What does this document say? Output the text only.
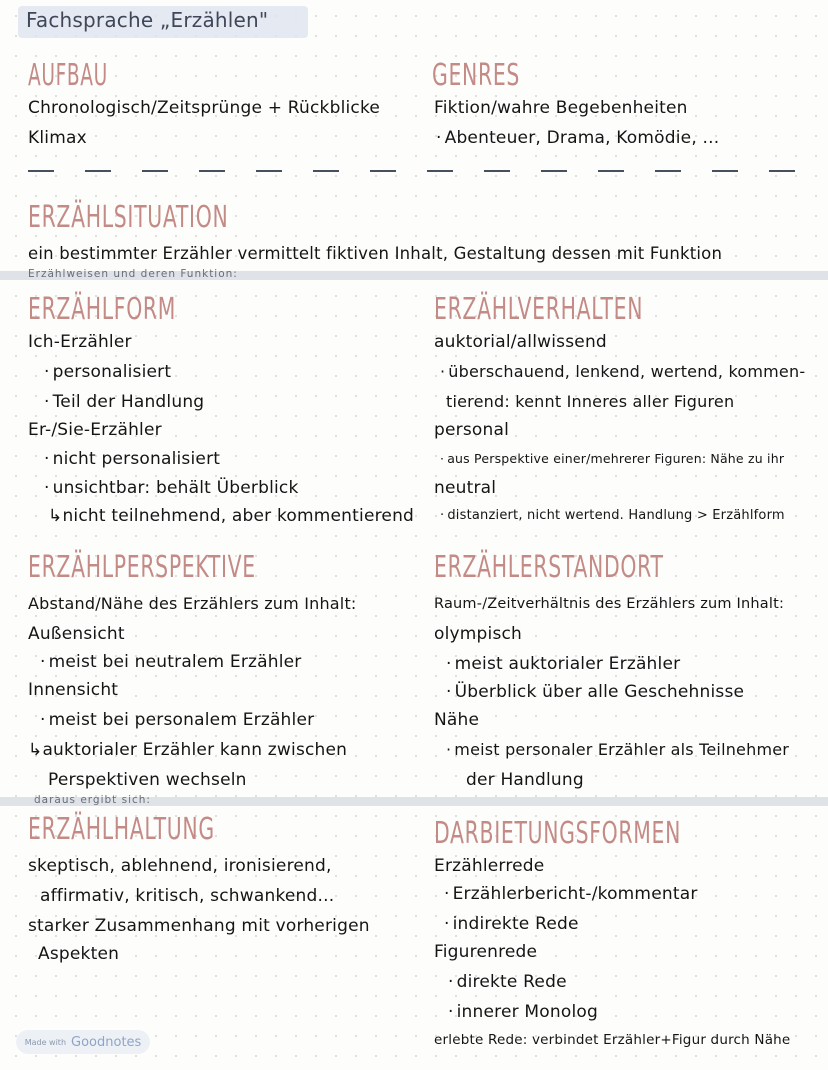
Fachsprache „Erzählen"
AUFBAU
Chronologisch/Zeitsprünge + Rückblicke
Klimax
GENRES
Fiktion/wahre Begebenheiten
· Abenteuer, Drama, Komödie, ...
ERZÄHLSITUATION
ein bestimmter Erzähler vermittelt fiktiven Inhalt, Gestaltung dessen mit Funktion
Erzählweisen und deren Funktion:
ERZÄHLFORM
Ich-Erzähler
· personalisiert
· Teil der Handlung
Er-/Sie-Erzähler
· nicht personalisiert
· unsichtbar: behält Überblick
↳nicht teilnehmend, aber kommentierend
ERZÄHLVERHALTEN
auktorial/allwissend
· überschauend, lenkend, wertend, kommen-
tierend: kennt Inneres aller Figuren
personal
· aus Perspektive einer/mehrerer Figuren: Nähe zu ihr
neutral
· distanziert, nicht wertend. Handlung > Erzählform
ERZÄHLPERSPEKTIVE
Abstand/Nähe des Erzählers zum Inhalt:
Außensicht
· meist bei neutralem Erzähler
Innensicht
· meist bei personalem Erzähler
↳auktorialer Erzähler kann zwischen
Perspektiven wechseln
ERZÄHLERSTANDORT
Raum-/Zeitverhältnis des Erzählers zum Inhalt:
olympisch
· meist auktorialer Erzähler
· Überblick über alle Geschehnisse
Nähe
· meist personaler Erzähler als Teilnehmer
der Handlung
daraus ergibt sich:
ERZÄHLHALTUNG
skeptisch, ablehnend, ironisierend,
affirmativ, kritisch, schwankend...
starker Zusammenhang mit vorherigen
Aspekten
DARBIETUNGSFORMEN
Erzählerrede
· Erzählerbericht-/kommentar
· indirekte Rede
Figurenrede
· direkte Rede
· innerer Monolog
erlebte Rede: verbindet Erzähler+Figur durch Nähe
Made with Goodnotes
